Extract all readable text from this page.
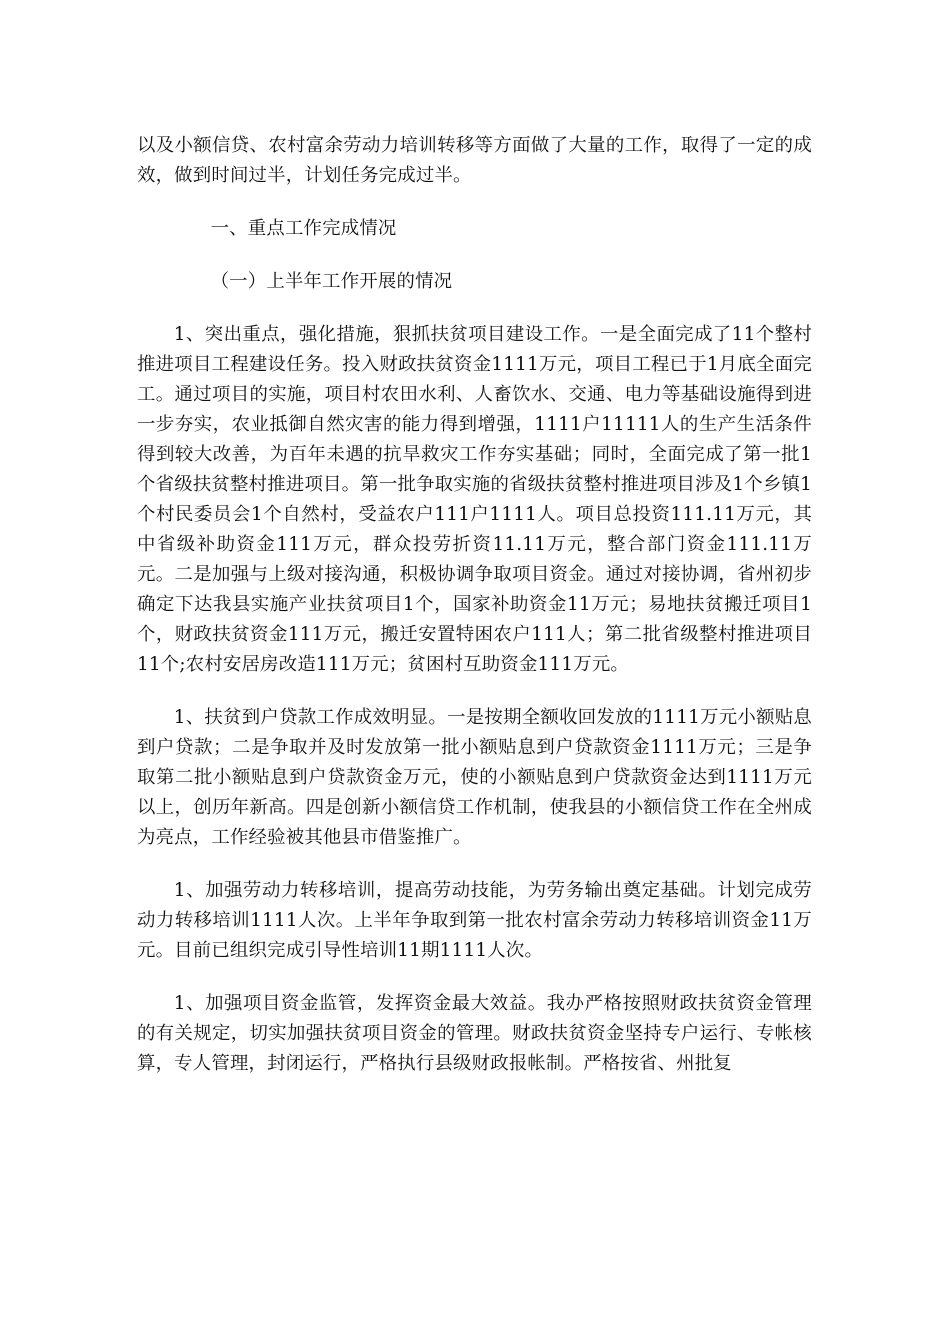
以及小额信贷、农村富余劳动力培训转移等方面做了大量的工作，取得了一定的成效，做到时间过半，计划任务完成过半。

一、重点工作完成情况

（一）上半年工作开展的情况

1、突出重点，强化措施，狠抓扶贫项目建设工作。一是全面完成了11个整村推进项目工程建设任务。投入财政扶贫资金1111万元，项目工程已于1月底全面完工。通过项目的实施，项目村农田水利、人畜饮水、交通、电力等基础设施得到进一步夯实，农业抵御自然灾害的能力得到增强，1111户11111人的生产生活条件得到较大改善，为百年未遇的抗旱救灾工作夯实基础；同时，全面完成了第一批1个省级扶贫整村推进项目。第一批争取实施的省级扶贫整村推进项目涉及1个乡镇1个村民委员会1个自然村，受益农户111户1111人。项目总投资111.11万元，其中省级补助资金111万元，群众投劳折资11.11万元，整合部门资金111.11万元。二是加强与上级对接沟通，积极协调争取项目资金。通过对接协调，省州初步确定下达我县实施产业扶贫项目1个，国家补助资金11万元；易地扶贫搬迁项目1个，财政扶贫资金111万元，搬迁安置特困农户111人；第二批省级整村推进项目11个;农村安居房改造111万元；贫困村互助资金111万元。

1、扶贫到户贷款工作成效明显。一是按期全额收回发放的1111万元小额贴息到户贷款；二是争取并及时发放第一批小额贴息到户贷款资金1111万元；三是争取第二批小额贴息到户贷款资金万元，使的小额贴息到户贷款资金达到1111万元以上，创历年新高。四是创新小额信贷工作机制，使我县的小额信贷工作在全州成为亮点，工作经验被其他县市借鉴推广。

1、加强劳动力转移培训，提高劳动技能，为劳务输出奠定基础。计划完成劳动力转移培训1111人次。上半年争取到第一批农村富余劳动力转移培训资金11万元。目前已组织完成引导性培训11期1111人次。

1、加强项目资金监管，发挥资金最大效益。我办严格按照财政扶贫资金管理的有关规定，切实加强扶贫项目资金的管理。财政扶贫资金坚持专户运行、专帐核算，专人管理，封闭运行，严格执行县级财政报帐制。严格按省、州批复
